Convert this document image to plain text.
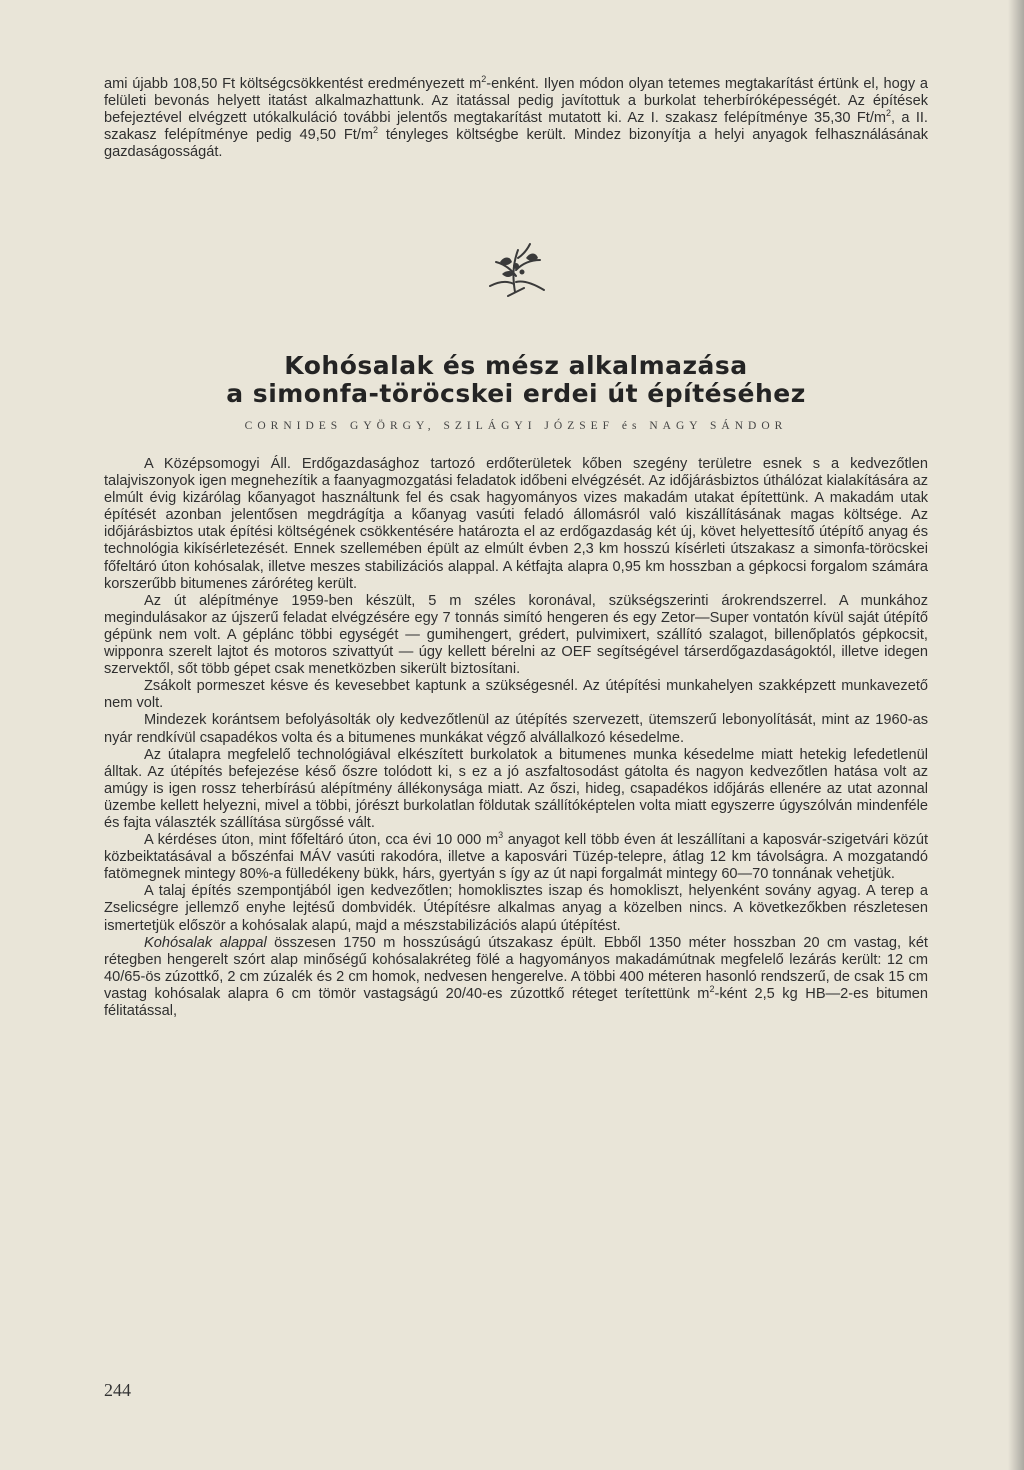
ami újabb 108,50 Ft költségcsökkentést eredményezett $m^2$-enként. Ilyen módon olyan tetemes megtakarítást értünk el, hogy a felületi bevonás helyett itatást alkalmazhattunk. Az itatással pedig javítottuk a burkolat teherbíróképességét. Az építések befejeztével elvégzett utókalkuláció további jelentős megtakarítást mutatott ki. Az I. szakasz felépítménye 35,30 $Ft/m^2$, a II. szakasz felépítménye pedig 49,50 $Ft/m^2$ tényleges költségbe került. Mindez bizonyítja a helyi anyagok felhasználásának gazdaságosságát.
Kohósalak és mész alkalmazása
a simonfa-töröcskei erdei út építéséhez
CORNIDES GYÖRGY, SZILÁGYI JÓZSEF és NAGY SÁNDOR

A Középsomogyi Áll. Erdőgazdasághoz tartozó erdőterületek kőben szegény területre esnek s a kedvezőtlen talajviszonyok igen megnehezítik a faanyagmozgatási feladatok időbeni elvégzését. Az időjárásbiztos úthálózat kialakítására az elmúlt évig kizárólag kőanyagot használtunk fel és csak hagyományos vizes makadám utakat építettünk. A makadám utak építését azonban jelentősen megdrágítja a kőanyag vasúti feladó állomásról való kiszállításának magas költsége. Az időjárásbiztos utak építési költségének csökkentésére határozta el az erdőgazdaság két új, követ helyettesítő útépítő anyag és technológia kikísérletezését. Ennek szellemében épült az elmúlt évben 2,3 km hosszú kísérleti útszakasz a simonfa-töröcskei főfeltáró úton kohósalak, illetve meszes stabilizációs alappal. A kétfajta alapra 0,95 km hosszban a gépkocsi forgalom számára korszerűbb bitumenes záróréteg került.

Az út alépítménye 1959-ben készült, 5 m széles koronával, szükségszerinti árokrendszerrel. A munkához megindulásakor az újszerű feladat elvégzésére egy 7 tonnás simító hengeren és egy Zetor—Super vontatón kívül saját útépítő gépünk nem volt. A géplánc többi egységét — gumihengert, grédert, pulvimixert, szállító szalagot, billenőplatós gépkocsit, wipponra szerelt lajtot és motoros szivattyút — úgy kellett bérelni az OEF segítségével társerdőgazdaságoktól, illetve idegen szervektől, sőt több gépet csak menetközben sikerült biztosítani.

Zsákolt pormeszet késve és kevesebbet kaptunk a szükségesnél. Az útépítési munkahelyen szakképzett munkavezető nem volt.

Mindezek korántsem befolyásolták oly kedvezőtlenül az útépítés szervezett, ütemszerű lebonyolítását, mint az 1960-as nyár rendkívül csapadékos volta és a bitumenes munkákat végző alvállalkozó késedelme.

Az útalapra megfelelő technológiával elkészített burkolatok a bitumenes munka késedelme miatt hetekig lefedetlenül álltak. Az útépítés befejezése késő őszre tolódott ki, s ez a jó aszfaltosodást gátolta és nagyon kedvezőtlen hatása volt az amúgy is igen rossz teherbírású alépítmény állékonysága miatt. Az őszi, hideg, csapadékos időjárás ellenére az utat azonnal üzembe kellett helyezni, mivel a többi, jórészt burkolatlan földutak szállítóképtelen volta miatt egyszerre úgyszólván mindenféle és fajta választék szállítása sürgőssé vált.

A kérdéses úton, mint főfeltáró úton, cca évi 10 000 $m^3$ anyagot kell több éven át leszállítani a kaposvár-szigetvári közút közbeiktatásával a bőszénfai MÁV vasúti rakodóra, illetve a kaposvári Tüzép-telepre, átlag 12 km távolságra. A mozgatandó fatömegnek mintegy 80%-a fülledékeny bükk, hárs, gyertyán s így az út napi forgalmát mintegy 60—70 tonnának vehetjük.

A talaj építés szempontjából igen kedvezőtlen; homoklisztes iszap és homokliszt, helyenként sovány agyag. A terep a Zselicségre jellemző enyhe lejtésű dombvidék. Útépítésre alkalmas anyag a közelben nincs. A következőkben részletesen ismertetjük először a kohósalak alapú, majd a mészstabilizációs alapú útépítést.

Kohósalak alappal összesen 1750 m hosszúságú útszakasz épült. Ebből 1350 méter hosszban 20 cm vastag, két rétegben hengerelt szórt alap minőségű kohósalakréteg fölé a hagyományos makadámútnak megfelelő lezárás került: 12 cm 40/65-ös zúzottkő, 2 cm zúzalék és 2 cm homok, nedvesen hengerelve. A többi 400 méteren hasonló rendszerű, de csak 15 cm vastag kohósalak alapra 6 cm tömör vastagságú 20/40-es zúzottkő réteget terítettünk $m^2$-ként 2,5 kg HB—2-es bitumen félitatással,

244
